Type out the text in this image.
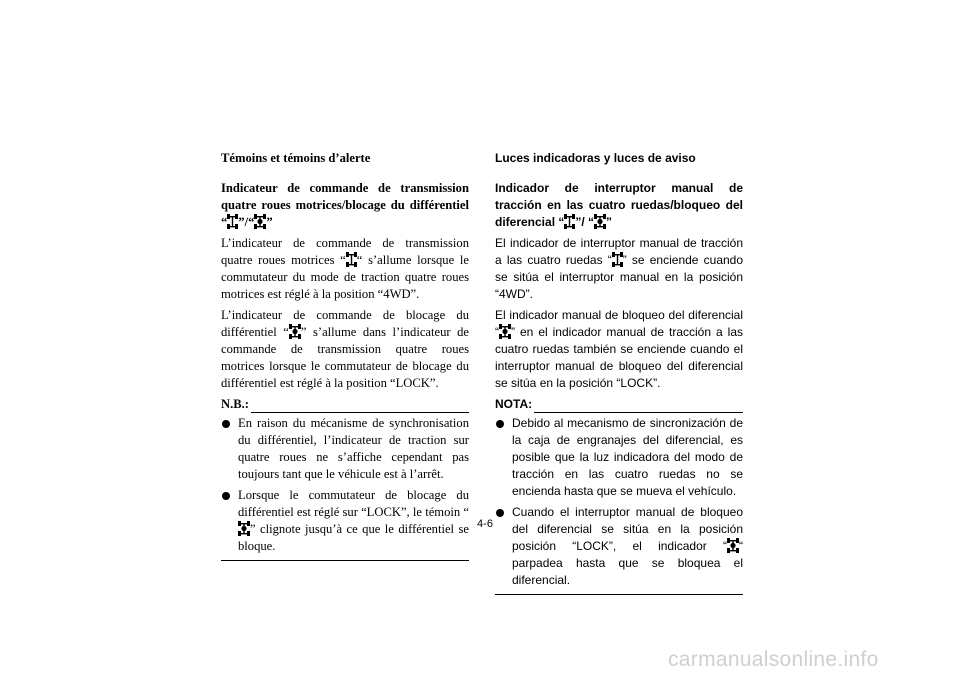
Témoins et témoins d’alerte
Indicateur de commande de transmission quatre roues motrices/blocage du différentiel “ ”/“ ”

L’indicateur de commande de transmission quatre roues motrices “ “ s’allume lorsque le commutateur du mode de traction quatre roues motrices est réglé à la position “4WD”.

L’indicateur de commande de blocage du différentiel “ ” s’allume dans l’indicateur de commande de transmission quatre roues motrices lorsque le commutateur de blocage du différentiel est réglé à la position “LOCK”.

N.B.:
En raison du mécanisme de synchronisation du différentiel, l’indicateur de traction sur quatre roues ne s’affiche cependant pas toujours tant que le véhicule est à l’arrêt.
Lorsque le commutateur de blocage du différentiel est réglé sur “LOCK”, le témoin “” clignote jusqu’à ce que le différentiel se bloque.
Luces indicadoras y luces de aviso
Indicador de interruptor manual de tracción en las cuatro ruedas/bloqueo del diferencial “ ”/ “ ”

El indicador de interruptor manual de tracción a las cuatro ruedas “ ” se enciende cuando se sitúa el interruptor manual en la posición “4WD”.

El indicador manual de bloqueo del diferencial “ ” en el indicador manual de tracción a las cuatro ruedas también se enciende cuando el interruptor manual de bloqueo del diferencial se sitúa en la posición “LOCK”.

NOTA:
Debido al mecanismo de sincronización de la caja de engranajes del diferencial, es posible que la luz indicadora del modo de tracción en las cuatro ruedas no se encienda hasta que se mueva el vehículo.
Cuando el interruptor manual de bloqueo del diferencial se sitúa en la posición posición “LOCK”, el indicador “ “ parpadea hasta que se bloquea el diferencial.
4-6
carmanualsonline.info
